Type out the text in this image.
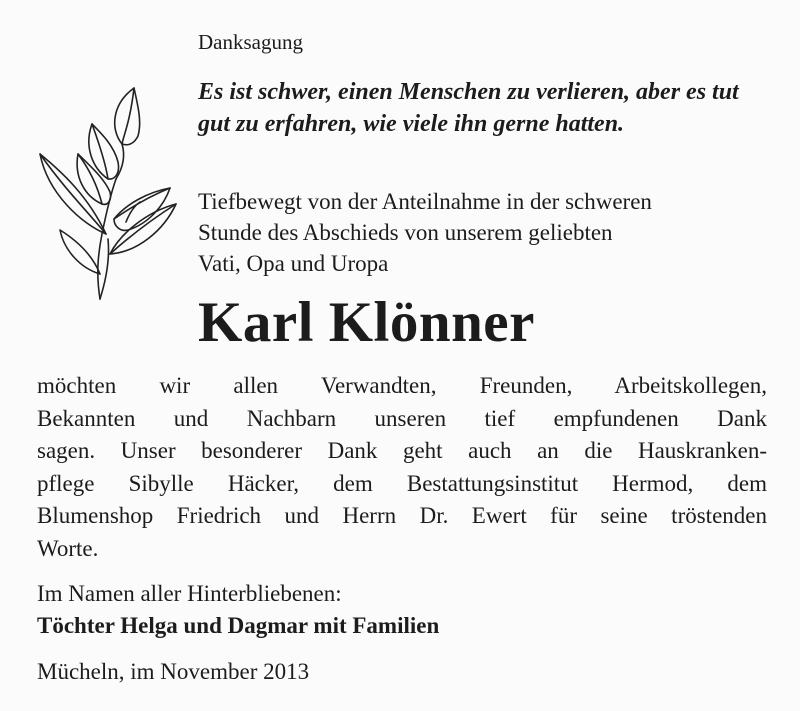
Danksagung

Es ist schwer, einen Menschen zu verlieren, aber es tut gut zu erfahren, wie viele ihn gerne hatten.

Tiefbewegt von der Anteilnahme in der schweren
Stunde des Abschieds von unserem geliebten
Vati, Opa und Uropa

Karl Klönner

möchten wir allen Verwandten, Freunden, Arbeitskollegen,
Bekannten und Nachbarn unseren tief empfundenen Dank
sagen. Unser besonderer Dank geht auch an die Hauskranken-
pflege Sibylle Häcker, dem Bestattungsinstitut Hermod, dem
Blumenshop Friedrich und Herrn Dr. Ewert für seine tröstenden
Worte.

Im Namen aller Hinterbliebenen:

Töchter Helga und Dagmar mit Familien

Mücheln, im November 2013
